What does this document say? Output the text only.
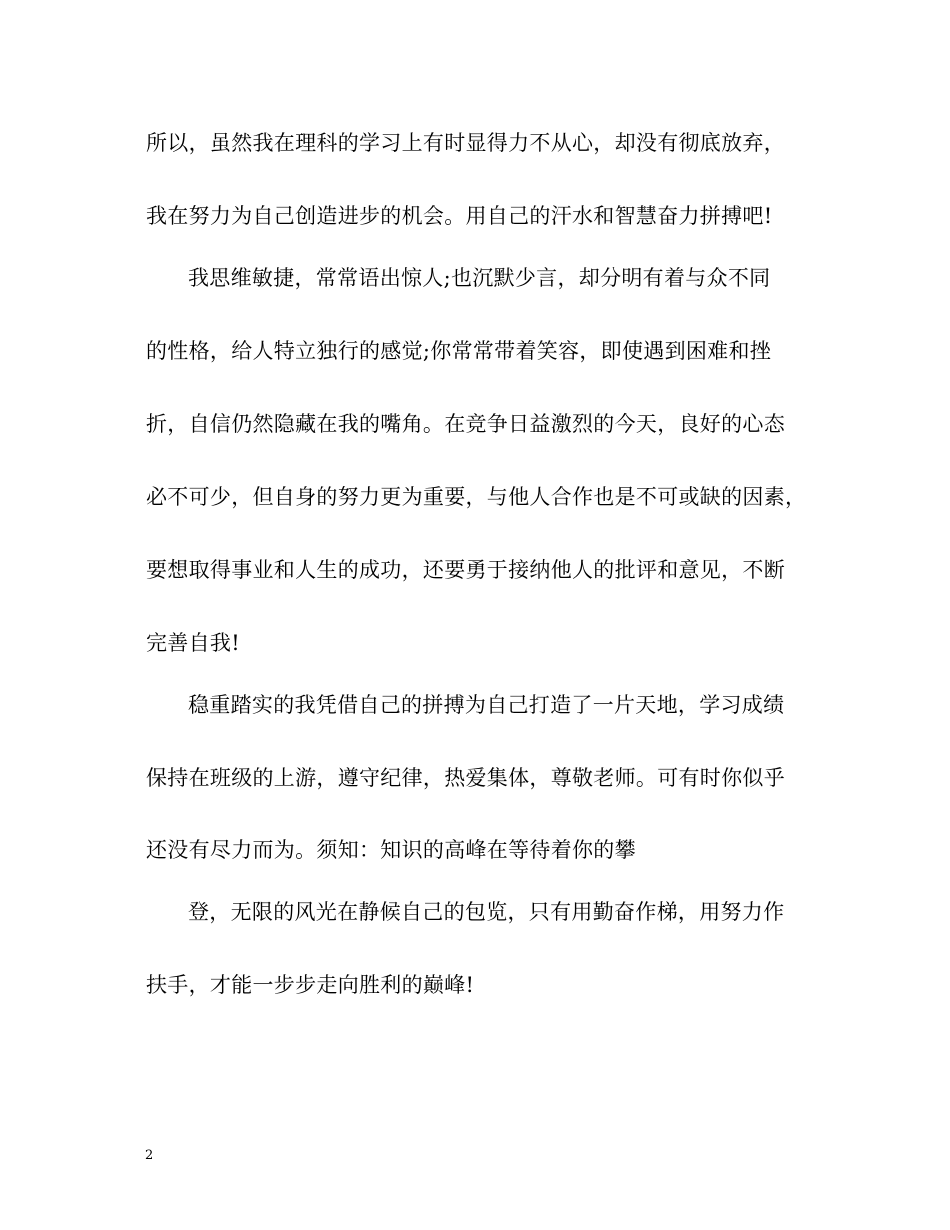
所以，虽然我在理科的学习上有时显得力不从心，却没有彻底放弃，
我在努力为自己创造进步的机会。用自己的汗水和智慧奋力拼搏吧!
我思维敏捷，常常语出惊人;也沉默少言，却分明有着与众不同
的性格，给人特立独行的感觉;你常常带着笑容，即使遇到困难和挫
折，自信仍然隐藏在我的嘴角。在竞争日益激烈的今天，良好的心态
必不可少，但自身的努力更为重要，与他人合作也是不可或缺的因素，
要想取得事业和人生的成功，还要勇于接纳他人的批评和意见，不断
完善自我!
稳重踏实的我凭借自己的拼搏为自己打造了一片天地，学习成绩
保持在班级的上游，遵守纪律，热爱集体，尊敬老师。可有时你似乎
还没有尽力而为。须知：知识的高峰在等待着你的攀
登，无限的风光在静候自己的包览，只有用勤奋作梯，用努力作
扶手，才能一步步走向胜利的巅峰!
2
